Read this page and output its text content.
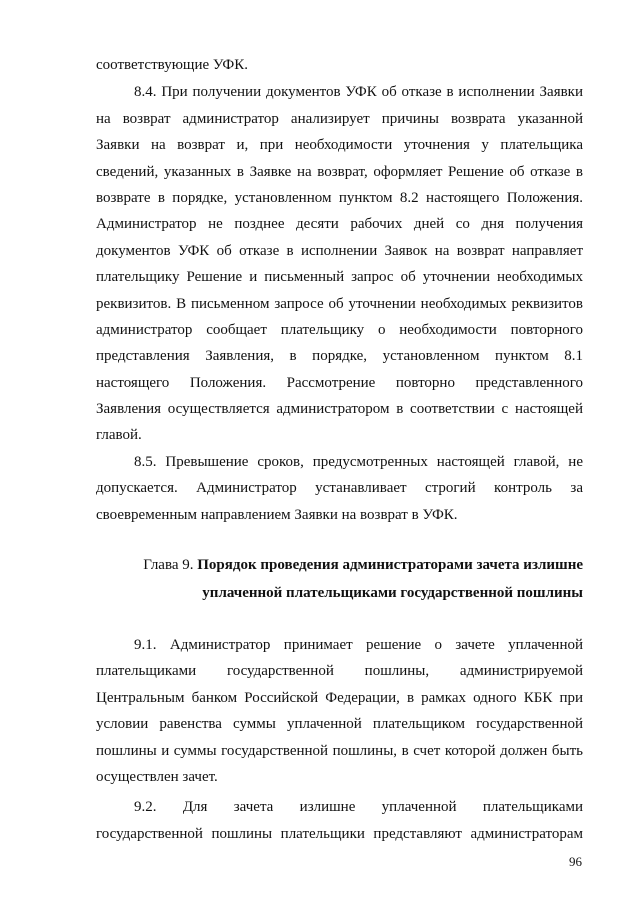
соответствующие УФК.
8.4. При получении документов УФК об отказе в исполнении Заявки
на возврат администратор анализирует причины возврата указанной
Заявки на возврат и, при необходимости уточнения у плательщика
сведений, указанных в Заявке на возврат, оформляет Решение об отказе в
возврате в порядке, установленном пунктом 8.2 настоящего Положения.
Администратор не позднее десяти рабочих дней со дня получения
документов УФК об отказе в исполнении Заявок на возврат направляет
плательщику Решение и письменный запрос об уточнении необходимых
реквизитов. В письменном запросе об уточнении необходимых реквизитов
администратор сообщает плательщику о необходимости повторного
представления Заявления, в порядке, установленном пунктом 8.1
настоящего Положения. Рассмотрение повторно представленного
Заявления осуществляется администратором в соответствии с настоящей
главой.
8.5. Превышение сроков, предусмотренных настоящей главой, не
допускается. Администратор устанавливает строгий контроль за
своевременным направлением Заявки на возврат в УФК.
Глава 9. Порядок проведения администраторами зачета излишне
уплаченной плательщиками государственной пошлины
9.1. Администратор принимает решение о зачете уплаченной
плательщиками государственной пошлины, администрируемой
Центральным банком Российской Федерации, в рамках одного КБК при
условии равенства суммы уплаченной плательщиком государственной
пошлины и суммы государственной пошлины, в счет которой должен быть
осуществлен зачет.
9.2. Для зачета излишне уплаченной плательщиками
государственной пошлины плательщики представляют администраторам
96
